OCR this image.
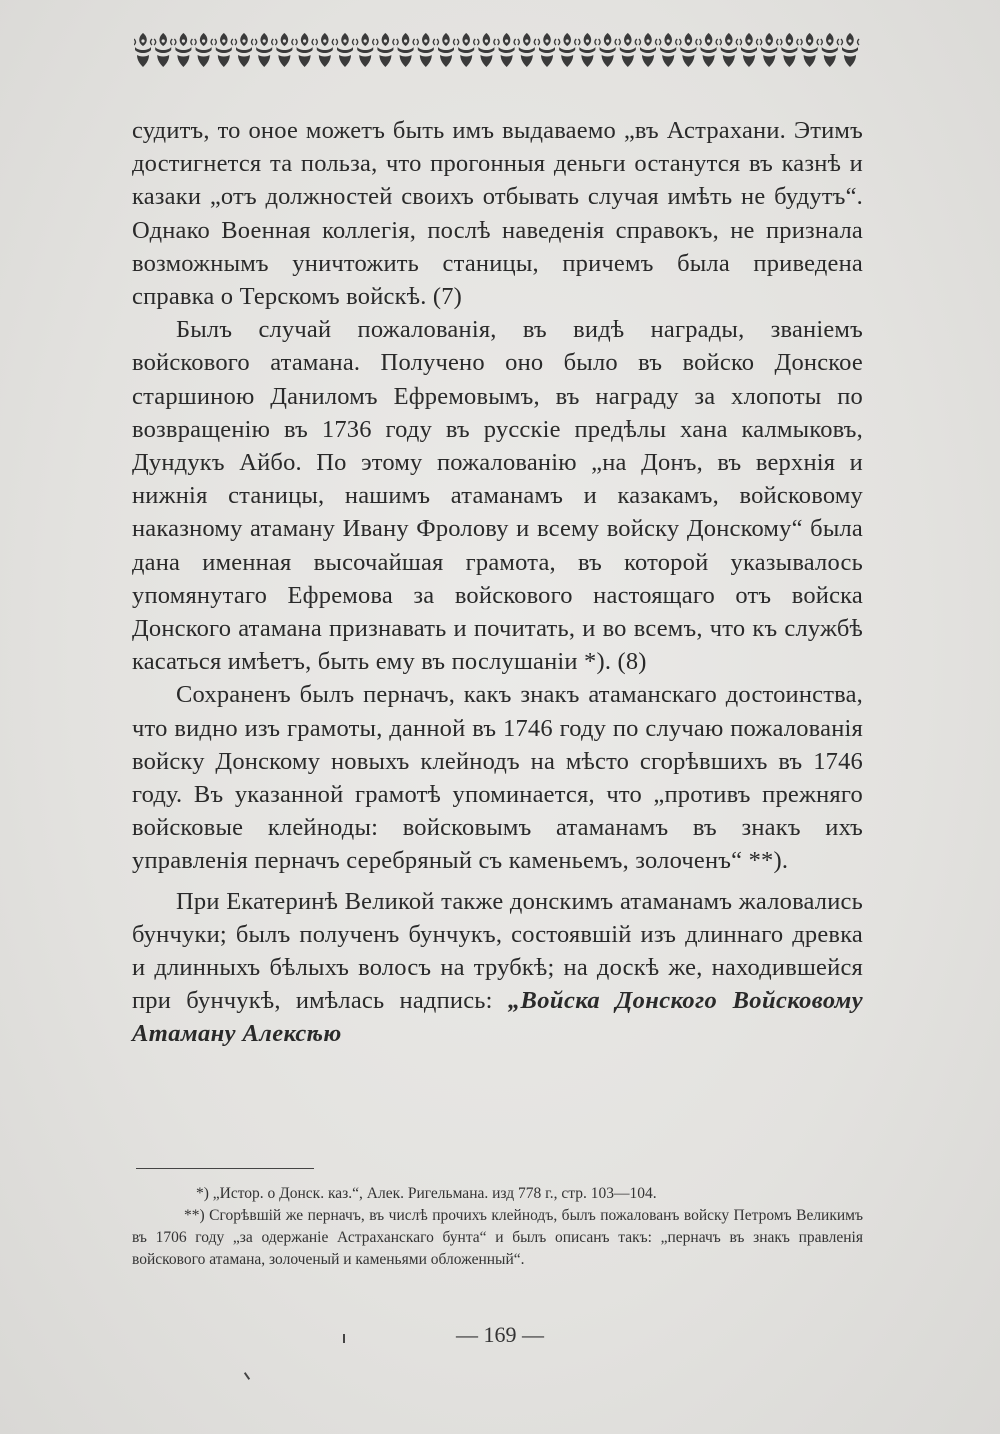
судитъ, то оное можетъ быть имъ выдаваемо „въ Астрахани. Этимъ достигнется та польза, что прогонныя деньги останутся въ казнѣ и казаки „отъ должностей своихъ отбывать случая имѣть не будутъ“. Однако Военная коллегія, послѣ наведенія справокъ, не признала возможнымъ уничтожить станицы, причемъ была приведена справка о Терскомъ войскѣ. (7)

Былъ случай пожалованія, въ видѣ награды, званіемъ войскового атамана. Получено оно было въ войско Донское старшиною Даниломъ Ефремовымъ, въ награду за хлопоты по возвращенію въ 1736 году въ русскіе предѣлы хана калмыковъ, Дундукъ Айбо. По этому пожалованію „на Донъ, въ верхнія и нижнія станицы, нашимъ атаманамъ и казакамъ, войсковому наказному атаману Ивану Фролову и всему войску Донскому“ была дана именная высочайшая грамота, въ которой указывалось упомянутаго Ефремова за войскового настоящаго отъ войска Донского атамана признавать и почитать, и во всемъ, что къ службѣ касаться имѣетъ, быть ему въ послушаніи *). (8)

Сохраненъ былъ перначъ, какъ знакъ атаманскаго достоинства, что видно изъ грамоты, данной въ 1746 году по случаю пожалованія войску Донскому новыхъ клейнодъ на мѣсто сгорѣвшихъ въ 1746 году. Въ указанной грамотѣ упоминается, что „противъ прежняго войсковые клейноды: войсковымъ атаманамъ въ знакъ ихъ управленія перначъ серебряный съ каменьемъ, золоченъ“ **).

При Екатеринѣ Великой также донскимъ атаманамъ жаловались бунчуки; былъ полученъ бунчукъ, состоявшій изъ длиннаго древка и длинныхъ бѣлыхъ волосъ на трубкѣ; на доскѣ же, находившейся при бунчукѣ, имѣлась надпись: „Войска Донского Войсковому Атаману Алексѣю

*) „Истор. о Донск. каз.“, Алек. Ригельмана. изд 778 г., стр. 103—104.

**) Сгорѣвшій же перначъ, въ числѣ прочихъ клейнодъ, былъ пожалованъ войску Петромъ Великимъ въ 1706 году „за одержаніе Астраханскаго бунта“ и былъ описанъ такъ: „перначъ въ знакъ правленія войскового атамана, золоченый и каменьями обложенный“.

— 169 —
